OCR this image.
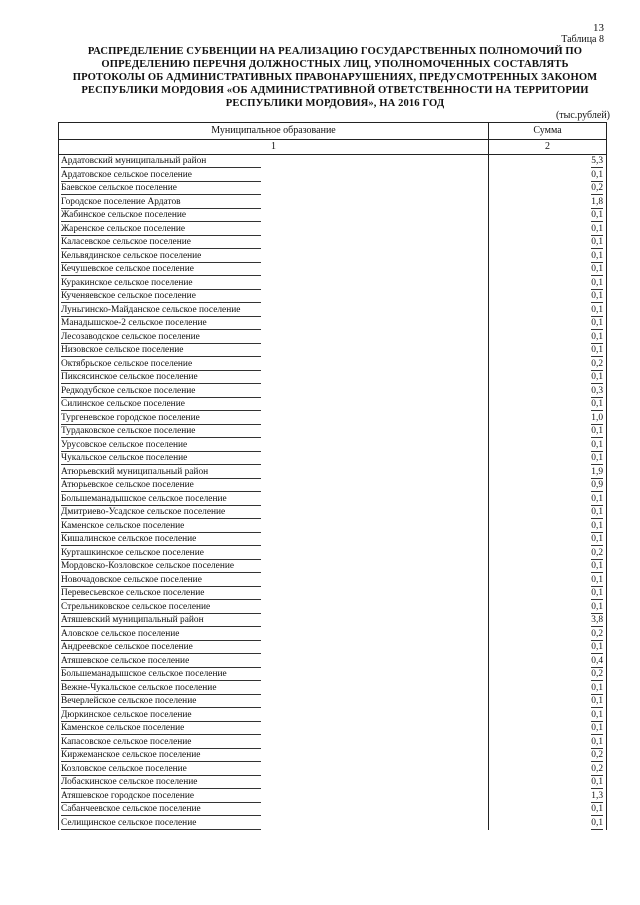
13
Таблица 8
РАСПРЕДЕЛЕНИЕ СУБВЕНЦИИ НА РЕАЛИЗАЦИЮ ГОСУДАРСТВЕННЫХ ПОЛНОМОЧИЙ ПО
ОПРЕДЕЛЕНИЮ ПЕРЕЧНЯ ДОЛЖНОСТНЫХ ЛИЦ, УПОЛНОМОЧЕННЫХ СОСТАВЛЯТЬ
ПРОТОКОЛЫ ОБ АДМИНИСТРАТИВНЫХ ПРАВОНАРУШЕНИЯХ, ПРЕДУСМОТРЕННЫХ ЗАКОНОМ
РЕСПУБЛИКИ МОРДОВИЯ «ОБ АДМИНИСТРАТИВНОЙ ОТВЕТСТВЕННОСТИ НА ТЕРРИТОРИИ
РЕСПУБЛИКИ МОРДОВИЯ», НА 2016 ГОД
(тыс.рублей)
Муниципальное образование	Сумма
1	2
Ардатовский муниципальный район	5,3
Ардатовское сельское поселение	0,1
Баевское сельское поселение	0,2
Городское поселение Ардатов	1,8
Жабинское сельское поселение	0,1
Жаренское сельское поселение	0,1
Каласевское сельское поселение	0,1
Кельвядинское сельское поселение	0,1
Кечушевское сельское поселение	0,1
Куракинское сельское поселение	0,1
Кученяевское сельское поселение	0,1
Луньгинско-Майданское сельское поселение	0,1
Манадышское-2 сельское поселение	0,1
Лесозаводское сельское поселение	0,1
Низовское сельское поселение	0,1
Октябрьское сельское поселение	0,2
Пиксясинское сельское поселение	0,1
Редкодубское сельское поселение	0,3
Силинское сельское поселение	0,1
Тургеневское городское поселение	1,0
Турдаковское сельское поселение	0,1
Урусовское сельское поселение	0,1
Чукальское сельское поселение	0,1
Атюрьевский муниципальный район	1,9
Атюрьевское сельское поселение	0,9
Большеманадышское сельское поселение	0,1
Дмитриево-Усадское сельское поселение	0,1
Каменское сельское поселение	0,1
Кишалинское сельское поселение	0,1
Курташкинское сельское поселение	0,2
Мордовско-Козловское сельское поселение	0,1
Новочадовское сельское поселение	0,1
Перевесьевское сельское поселение	0,1
Стрельниковское сельское поселение	0,1
Атяшевский муниципальный район	3,8
Аловское сельское поселение	0,2
Андреевское сельское поселение	0,1
Атяшевское сельское поселение	0,4
Большеманадышское сельское поселение	0,2
Вежне-Чукальское сельское поселение	0,1
Вечерлейское сельское поселение	0,1
Дюркинское сельское поселение	0,1
Каменское сельское поселение	0,1
Капасовское сельское поселение	0,1
Киржеманское сельское поселение	0,2
Козловское сельское поселение	0,2
Лобаскинское сельское поселение	0,1
Атяшевское городское поселение	1,3
Сабанчеевское сельское поселение	0,1
Селищинское сельское поселение	0,1
